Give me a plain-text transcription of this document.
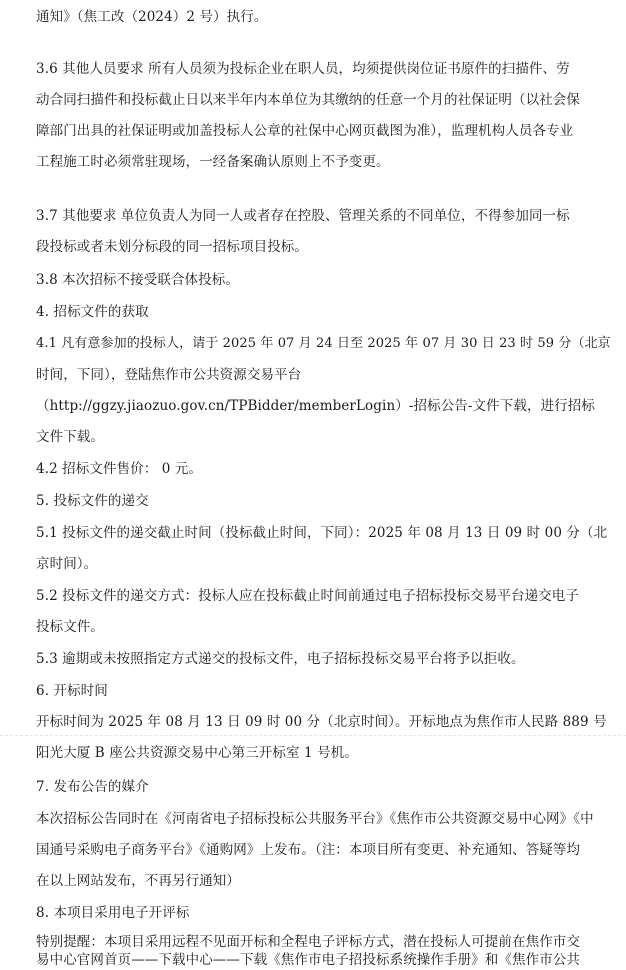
通知》（焦工改（2024）2 号）执行。
3.6 其他人员要求 所有人员须为投标企业在职人员，均须提供岗位证书原件的扫描件、劳
动合同扫描件和投标截止日以来半年内本单位为其缴纳的任意一个月的社保证明（以社会保
障部门出具的社保证明或加盖投标人公章的社保中心网页截图为准），监理机构人员各专业
工程施工时必须常驻现场，一经备案确认原则上不予变更。
3.7 其他要求 单位负责人为同一人或者存在控股、管理关系的不同单位，不得参加同一标
段投标或者未划分标段的同一招标项目投标。
3.8 本次招标不接受联合体投标。
4. 招标文件的获取
4.1 凡有意参加的投标人，请于 2025 年 07 月 24 日至 2025 年 07 月 30 日 23 时 59 分（北京
时间，下同），登陆焦作市公共资源交易平台
（http://ggzy.jiaozuo.gov.cn/TPBidder/memberLogin）-招标公告-文件下载，进行招标
文件下载。
4.2 招标文件售价： 0 元。
5. 投标文件的递交
5.1 投标文件的递交截止时间（投标截止时间，下同）：2025 年 08 月 13 日 09 时 00 分（北
京时间）。
5.2 投标文件的递交方式：投标人应在投标截止时间前通过电子招标投标交易平台递交电子
投标文件。
5.3 逾期或未按照指定方式递交的投标文件，电子招标投标交易平台将予以拒收。
6. 开标时间
开标时间为 2025 年 08 月 13 日 09 时 00 分（北京时间）。开标地点为焦作市人民路 889 号
阳光大厦 B 座公共资源交易中心第三开标室 1 号机。
7. 发布公告的媒介
本次招标公告同时在《河南省电子招标投标公共服务平台》《焦作市公共资源交易中心网》《中
国通号采购电子商务平台》《通购网》上发布。（注：本项目所有变更、补充通知、答疑等均
在以上网站发布，不再另行通知）
8. 本项目采用电子开评标
特别提醒：本项目采用远程不见面开标和全程电子评标方式，潜在投标人可提前在焦作市交
易中心官网首页——下载中心——下载《焦作市电子招投标系统操作手册》和《焦作市公共
